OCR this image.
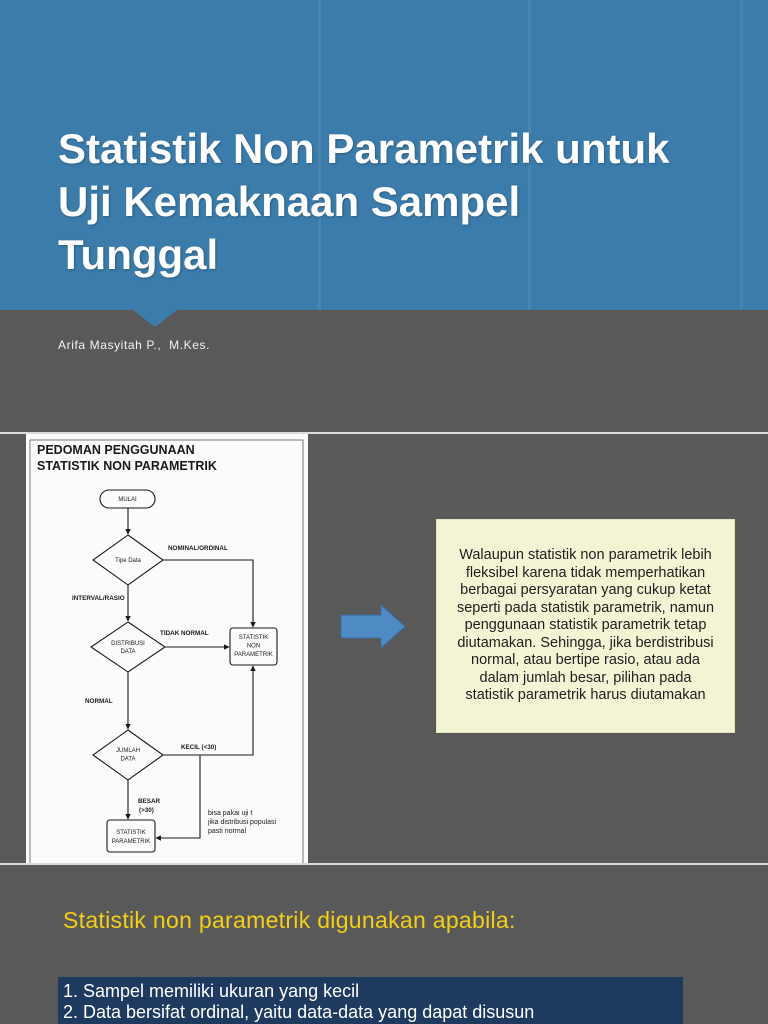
Statistik Non Parametrik untuk
Uji Kemaknaan Sampel
Tunggal
Arifa Masyitah P.,  M.Kes.
PEDOMAN PENGGUNAAN
STATISTIK NON PARAMETRIK
MULAI
Tipe Data
NOMINAL/ORDINAL
INTERVAL/RASIO
DISTRIBUSI
DATA
TIDAK NORMAL
STATISTIK
NON
PARAMETRIK
NORMAL
JUMLAH
DATA
KECIL (<30)
BESAR
(>30)
STATISTIK
PARAMETRIK
bisa pakai uji t
jika distribusi populasi
pasti normal

Walaupun statistik non parametrik lebih
fleksibel karena tidak memperhatikan
berbagai persyaratan yang cukup ketat
seperti pada statistik parametrik, namun
penggunaan statistik parametrik tetap
diutamakan. Sehingga, jika berdistribusi
normal, atau bertipe rasio, atau ada
dalam jumlah besar, pilihan pada
statistik parametrik harus diutamakan

Statistik non parametrik digunakan apabila:
1. Sampel memiliki ukuran yang kecil
2. Data bersifat ordinal, yaitu data-data yang dapat disusun
